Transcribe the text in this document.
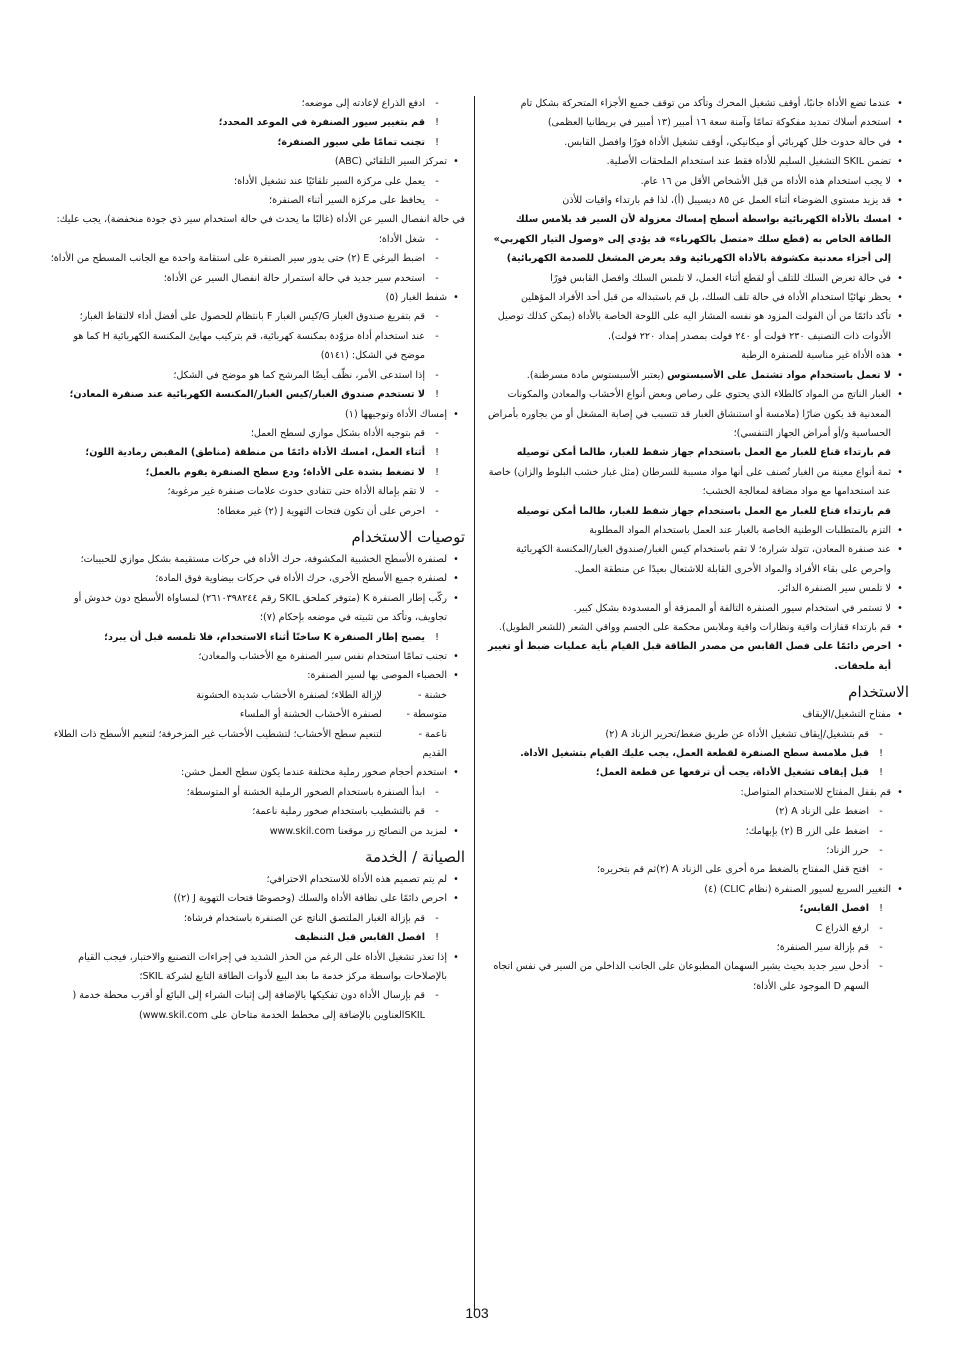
•
عندما تضع الأداة جانبًا، أوقف تشغيل المحرك وتأكد من توقف جميع الأجزاء المتحركة بشكل تام
•
استخدم أسلاك تمديد مفكوكة تمامًا وآمنة سعة ١٦ أمبير (١٣ أمبير في بريطانيا العظمى)
•
في حالة حدوث خلل كهربائي أو ميكانيكي، أوقف تشغيل الأداة فورًا وافصل القابس.
•
تضمن SKIL التشغيل السليم للأداة فقط عند استخدام الملحقات الأصلية.
•
لا يجب استخدام هذه الأداة من قبل الأشخاص الأقل من ١٦ عام.
•
قد يزيد مستوى الضوضاء أثناء العمل عن ٨٥ ديسيبل (أ)، لذا قم بارتداء واقيات للأذن
•
امسك بالأداة الكهربائية بواسطة أسطح إمساك معزولة لأن السير قد يلامس سلك الطاقة الخاص به (قطع سلك «متصل بالكهرباء» قد يؤدي إلى «وصول التيار الكهربي» إلى أجزاء معدنية مكشوفة بالأداة الكهربائية وقد يعرض المشغل للصدمة الكهربائية)
•
في حالة تعرض السلك للتلف أو لقطع أثناء العمل، لا تلمس السلك وافصل القابس فورًا
•
يحظر نهائيًا استخدام الأداة في حالة تلف السلك، بل قم باستبداله من قبل أحد الأفراد المؤهلين
•
تأكد دائمًا من أن الفولت المزود هو نفسه المشار اليه على اللوحة الخاصة بالأداة (يمكن كذلك توصيل الأدوات ذات التصنيف ٢٣٠ فولت أو ٢٤٠ فولت بمصدر إمداد ٢٢٠ فولت).
•
هذه الأداة غير مناسبة للصنفرة الرطبة
•
لا تعمل باستخدام مواد تشتمل على الأسبستوس (يعتبر الأسبستوس مادة مسرطنة).
•
الغبار الناتج من المواد كالطلاء الذي يحتوي على رصاص وبعض أنواع الأخشاب والمعادن والمكونات المعدنية قد يكون ضارًا (ملامسة أو استنشاق الغبار قد تتسبب في إصابة المشغل أو من بجاوره بأمراض الحساسية و/أو أمراض الجهاز التنفسي)؛
قم بارتداء قناع للغبار مع العمل باستخدام جهاز شفط للغبار، طالما أمكن توصيله
•
ثمة أنواع معينة من الغبار تُصنف على أنها مواد مسببة للسرطان (مثل غبار خشب البلوط والزان) خاصة عند استخدامها مع مواد مضافة لمعالجة الخشب؛
قم بارتداء قناع للغبار مع العمل باستخدام جهاز شفط للغبار، طالما أمكن توصيله
•
التزم بالمتطلبات الوطنية الخاصة بالغبار عند العمل باستخدام المواد المطلوبة
•
عند صنفرة المعادن، تتولد شرارة؛ لا تقم باستخدام كيس الغبار/صندوق الغبار/المكنسة الكهربائية واحرص على بقاء الأفراد والمواد الأخرى القابلة للاشتعال بعيدًا عن منطقة العمل.
•
لا تلمس سير الصنفرة الدائر.
•
لا تستمر في استخدام سيور الصنفرة التالفة أو الممزقة أو المسدودة بشكل كبير.
•
قم بارتداء قفازات واقية ونظارات واقية وملابس محكمة على الجسم وواقي الشعر (للشعر الطويل).
•
احرص دائمًا على فصل القابس من مصدر الطاقة قبل القيام بأية عمليات ضبط أو تغيير أية ملحقات.
الاستخدام
•
مفتاح التشغيل/الإيقاف
-
قم بتشغيل/إيقاف تشغيل الأداة عن طريق ضغط/تحرير الزناد A (٢)
!
قبل ملامسة سطح الصنفرة لقطعة العمل، يجب عليك القيام بتشغيل الأداة.
!
قبل إيقاف تشغيل الأداة، يجب أن ترفعها عن قطعة العمل؛
•
قم بقفل المفتاح للاستخدام المتواصل:
-
اضغط على الزناد A (٢)
-
اضغط على الزر B (٢) بإبهامك؛
-
حرر الزناد؛
-
افتح قفل المفتاح بالضغط مرة أخرى على الزناد A (٢)ثم قم بتحريره؛
•
التغيير السريع لسيور الصنفرة (نظام CLIC) (٤)
!
افصل القابس؛
-
ارفع الذراع C
-
قم بإزالة سير الصنفرة؛
-
أدخل سير جديد بحيث يشير السهمان المطبوعان على الجانب الداخلي من السير في نفس اتجاه السهم D الموجود على الأداة؛
-
ادفع الذراع لإعادته إلى موضعه؛
!
قم بتغيير سيور الصنفرة في الموعد المحدد؛
!
تجنب تمامًا طي سيور الصنفرة؛
•
تمركز السير التلقائي (ABC)
-
يعمل على مركزة السير تلقائيًا عند تشغيل الأداة؛
-
يحافظ على مركزة السير أثناء الصنفرة؛
في حالة انفصال السير عن الأداة (غالبًا ما يحدث في حالة استخدام سير ذي جودة منخفضة)، يجب عليك:
-
شغل الأداة؛
-
اضبط البرغي E (٢) حتى يدور سير الصنفرة على استقامة واحدة مع الجانب المسطح من الأداة؛
-
استخدم سير جديد في حالة استمرار حالة انفصال السير عن الأداة؛
•
شفط الغبار (٥)
-
قم بتفريغ صندوق الغبار G/كيس الغبار F بانتظام للحصول على أفضل أداء لالتقاط الغبار؛
-
عند استخدام أداة مزوّدة بمكنسة كهربائية، قم بتركيب مهايئ المكنسة الكهربائية H كما هو موضح في الشكل: (٥١٤١)
-
إذا استدعى الأمر، نظّف أيضًا المرشح كما هو موضح في الشكل؛
!
لا تستخدم صندوق الغبار/كيس الغبار/المكنسة الكهربائية عند صنفرة المعادن؛
•
إمساك الأداة وتوجيهها (١)
-
قم بتوجيه الأداة بشكل موازي لسطح العمل؛
!
أثناء العمل، امسك الأداة دائمًا من منطقة (مناطق) المقبض رمادية اللون؛
!
لا تضغط بشدة على الأداة؛ ودع سطح الصنفرة يقوم بالعمل؛
-
لا تقم بإمالة الأداة حتى تتفادى حدوث علامات صنفرة غير مرغوبة؛
-
احرص على أن تكون فتحات التهوية J (٢) غير مغطاة؛
توصيات الاستخدام
•
لصنفرة الأسطح الخشبية المكشوفة، حرك الأداة في حركات مستقيمة بشكل موازي للحبيبات؛
•
لصنفرة جميع الأسطح الأخرى، حرك الأداة في حركات بيضاوية فوق المادة؛
•
ركّب إطار الصنفرة K (متوفر كملحق SKIL رقم ٢٦١٠٣٩٨٢٤٤) لمساواة الأسطح دون خدوش أو تجاويف، وتأكد من تثبيته في موضعه بإحكام (٧)؛
!
يصبح إطار الصنفرة K ساخنًا أثناء الاستخدام، فلا تلمسه قبل أن يبرد؛
•
تجنب تمامًا استخدام نفس سير الصنفرة مع الأخشاب والمعادن؛
•
الحصباء الموصى بها لسير الصنفرة:
خشنة - لإزالة الطلاء؛ لصنفرة الأخشاب شديدة الخشونة
متوسطة - لصنفرة الأخشاب الخشنة أو الملساء
ناعمة - لتنعيم سطح الأخشاب؛ لتشطيب الأخشاب غير المزخرفة؛ لتنعيم الأسطح ذات الطلاء القديم
•
استخدم أحجام صخور رملية مختلفة عندما يكون سطح العمل خشن:
-
ابدأ الصنفرة باستخدام الصخور الرملية الخشنة أو المتوسطة؛
-
قم بالتشطيب باستخدام صخور رملية ناعمة؛
•
لمزيد من النصائح زر موقعنا www.skil.com
الصيانة / الخدمة
•
لم يتم تصميم هذه الأداة للاستخدام الاحترافي؛
•
احرص دائمًا على نظافة الأداة والسلك (وخصوصًا فتحات التهوية J (٢))
-
قم بإزالة الغبار الملتصق الناتج عن الصنفرة باستخدام فرشاة؛
!
افصل القابس قبل التنظيف
•
إذا تعذر تشغيل الأداة على الرغم من الحذر الشديد في إجراءات التصنيع والاختبار، فيجب القيام بالإصلاحات بواسطة مركز خدمة ما بعد البيع لأدوات الطاقة التابع لشركة SKIL؛
-
قم بإرسال الأداة دون تفكيكها بالإضافة إلى إثبات الشراء إلى البائع أو أقرب محطة خدمة ( SKILالعناوين بالإضافة إلى مخطط الخدمة متاحان على www.skil.com)
103
